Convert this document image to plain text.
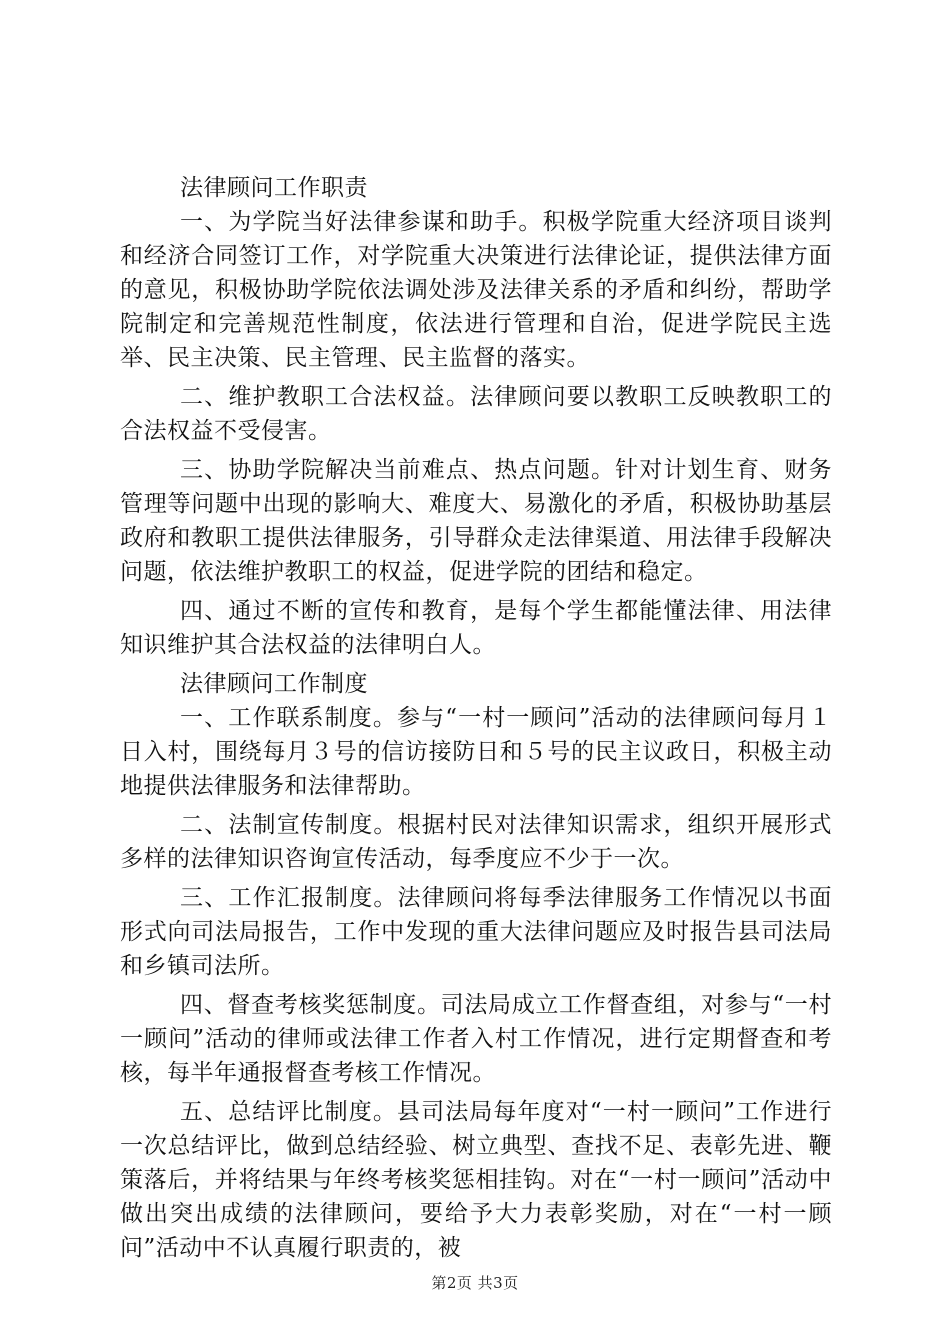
法律顾问工作职责

一、为学院当好法律参谋和助手。积极学院重大经济项目谈判和经济合同签订工作，对学院重大决策进行法律论证，提供法律方面的意见，积极协助学院依法调处涉及法律关系的矛盾和纠纷，帮助学院制定和完善规范性制度，依法进行管理和自治，促进学院民主选举、民主决策、民主管理、民主监督的落实。

二、维护教职工合法权益。法律顾问要以教职工反映教职工的合法权益不受侵害。

三、协助学院解决当前难点、热点问题。针对计划生育、财务管理等问题中出现的影响大、难度大、易激化的矛盾，积极协助基层政府和教职工提供法律服务，引导群众走法律渠道、用法律手段解决问题，依法维护教职工的权益，促进学院的团结和稳定。

四、通过不断的宣传和教育，是每个学生都能懂法律、用法律知识维护其合法权益的法律明白人。

法律顾问工作制度

一、工作联系制度。参与“一村一顾问”活动的法律顾问每月１日入村，围绕每月３号的信访接防日和５号的民主议政日，积极主动地提供法律服务和法律帮助。

二、法制宣传制度。根据村民对法律知识需求，组织开展形式多样的法律知识咨询宣传活动，每季度应不少于一次。

三、工作汇报制度。法律顾问将每季法律服务工作情况以书面形式向司法局报告，工作中发现的重大法律问题应及时报告县司法局和乡镇司法所。

四、督查考核奖惩制度。司法局成立工作督查组，对参与“一村一顾问”活动的律师或法律工作者入村工作情况，进行定期督查和考核，每半年通报督查考核工作情况。

五、总结评比制度。县司法局每年度对“一村一顾问”工作进行一次总结评比，做到总结经验、树立典型、查找不足、表彰先进、鞭策落后，并将结果与年终考核奖惩相挂钩。对在“一村一顾问”活动中做出突出成绩的法律顾问，要给予大力表彰奖励，对在“一村一顾问”活动中不认真履行职责的，被

第2页 共3页
